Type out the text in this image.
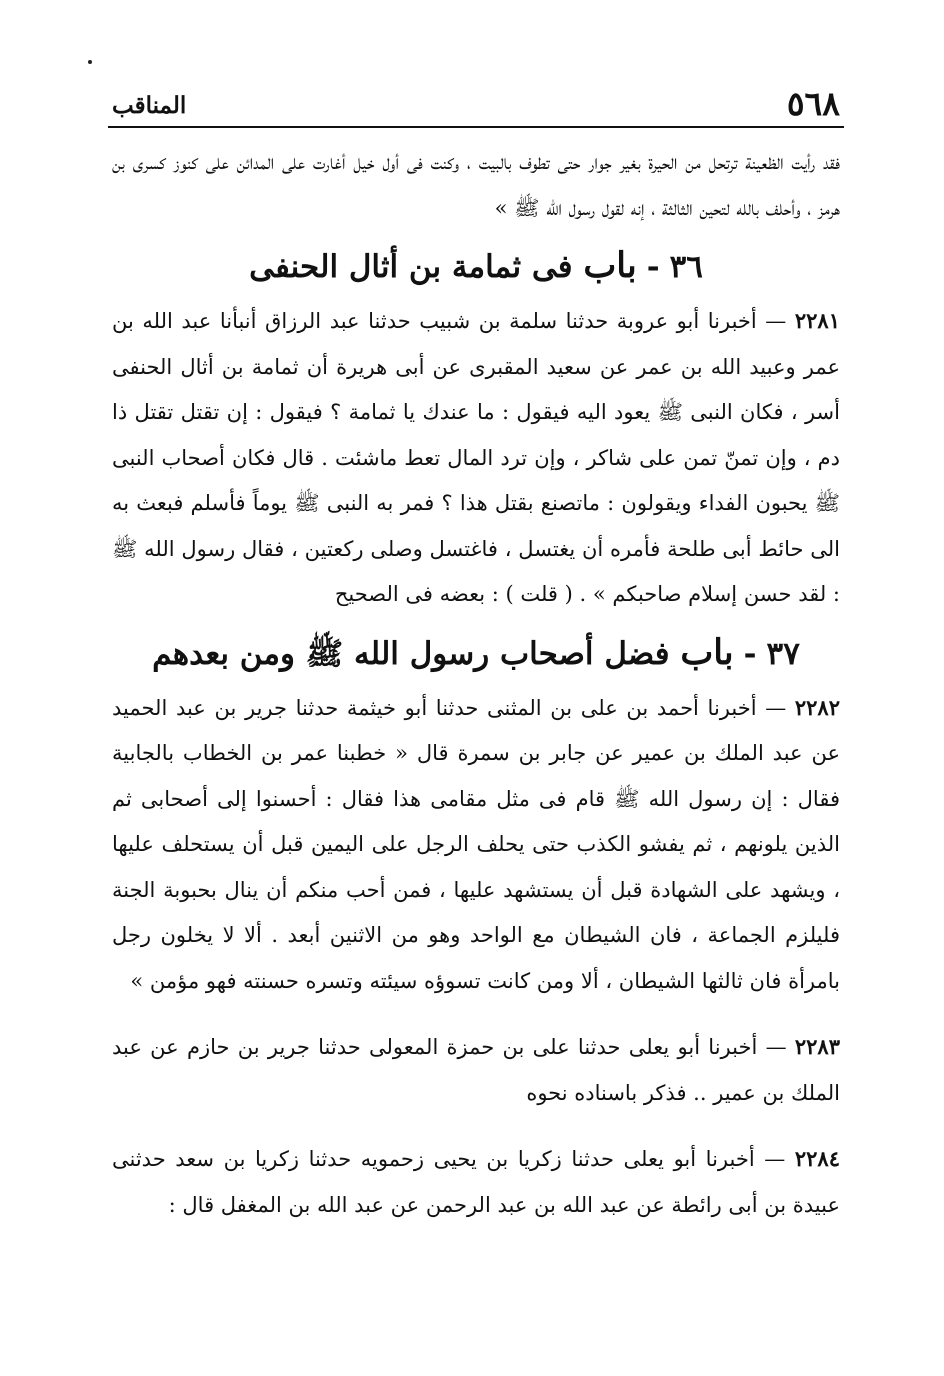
٥٦٨
المناقب

فقد رأيت الظعينة ترتحل من الحيرة بغير جوار حتى تطوف بالبيت ، وكنت فى أول خيل أغارت على المدائن على كنوز كسرى بن هرمز ، وأحلف بالله لتحين الثالثة ، إنه لقول رسول الله ﷺ »

٣٦-باب فى ثمامة بن أثال الحنفى

٢٢٨١ — أخبرنا أبو عروبة حدثنا سلمة بن شبيب حدثنا عبد الرزاق أنبأنا عبد الله بن عمر وعبيد الله بن عمر عن سعيد المقبرى عن أبى هريرة أن ثمامة بن أثال الحنفى أسر ، فكان النبى ﷺ يعود اليه فيقول : ما عندك يا ثمامة ؟ فيقول : إن تقتل تقتل ذا دم ، وإن تمنّ تمن على شاكر ، وإن ترد المال تعط ماشئت . قال فكان أصحاب النبى ﷺ يحبون الفداء ويقولون : ماتصنع بقتل هذا ؟ فمر به النبى ﷺ يوماً فأسلم فبعث به الى حائط أبى طلحة فأمره أن يغتسل ، فاغتسل وصلى ركعتين ، فقال رسول الله ﷺ : لقد حسن إسلام صاحبكم » . ( قلت ) : بعضه فى الصحيح

٣٧-باب فضل أصحاب رسول الله ﷺ ومن بعدهم

٢٢٨٢ — أخبرنا أحمد بن على بن المثنى حدثنا أبو خيثمة حدثنا جرير بن عبد الحميد عن عبد الملك بن عمير عن جابر بن سمرة قال « خطبنا عمر بن الخطاب بالجابية فقال : إن رسول الله ﷺ قام فى مثل مقامى هذا فقال : أحسنوا إلى أصحابى ثم الذين يلونهم ، ثم يفشو الكذب حتى يحلف الرجل على اليمين قبل أن يستحلف عليها ، ويشهد على الشهادة قبل أن يستشهد عليها ، فمن أحب منكم أن ينال بحبوبة الجنة فليلزم الجماعة ، فان الشيطان مع الواحد وهو من الاثنين أبعد . ألا لا يخلون رجل بامرأة فان ثالثها الشيطان ، ألا ومن كانت تسوؤه سيئته وتسره حسنته فهو مؤمن »

٢٢٨٣ — أخبرنا أبو يعلى حدثنا على بن حمزة المعولى حدثنا جرير بن حازم عن عبد الملك بن عمير .. فذكر باسناده نحوه

٢٢٨٤ — أخبرنا أبو يعلى حدثنا زكريا بن يحيى زحمويه حدثنا زكريا بن سعد حدثنى عبيدة بن أبى رائطة عن عبد الله بن عبد الرحمن عن عبد الله بن المغفل قال :
